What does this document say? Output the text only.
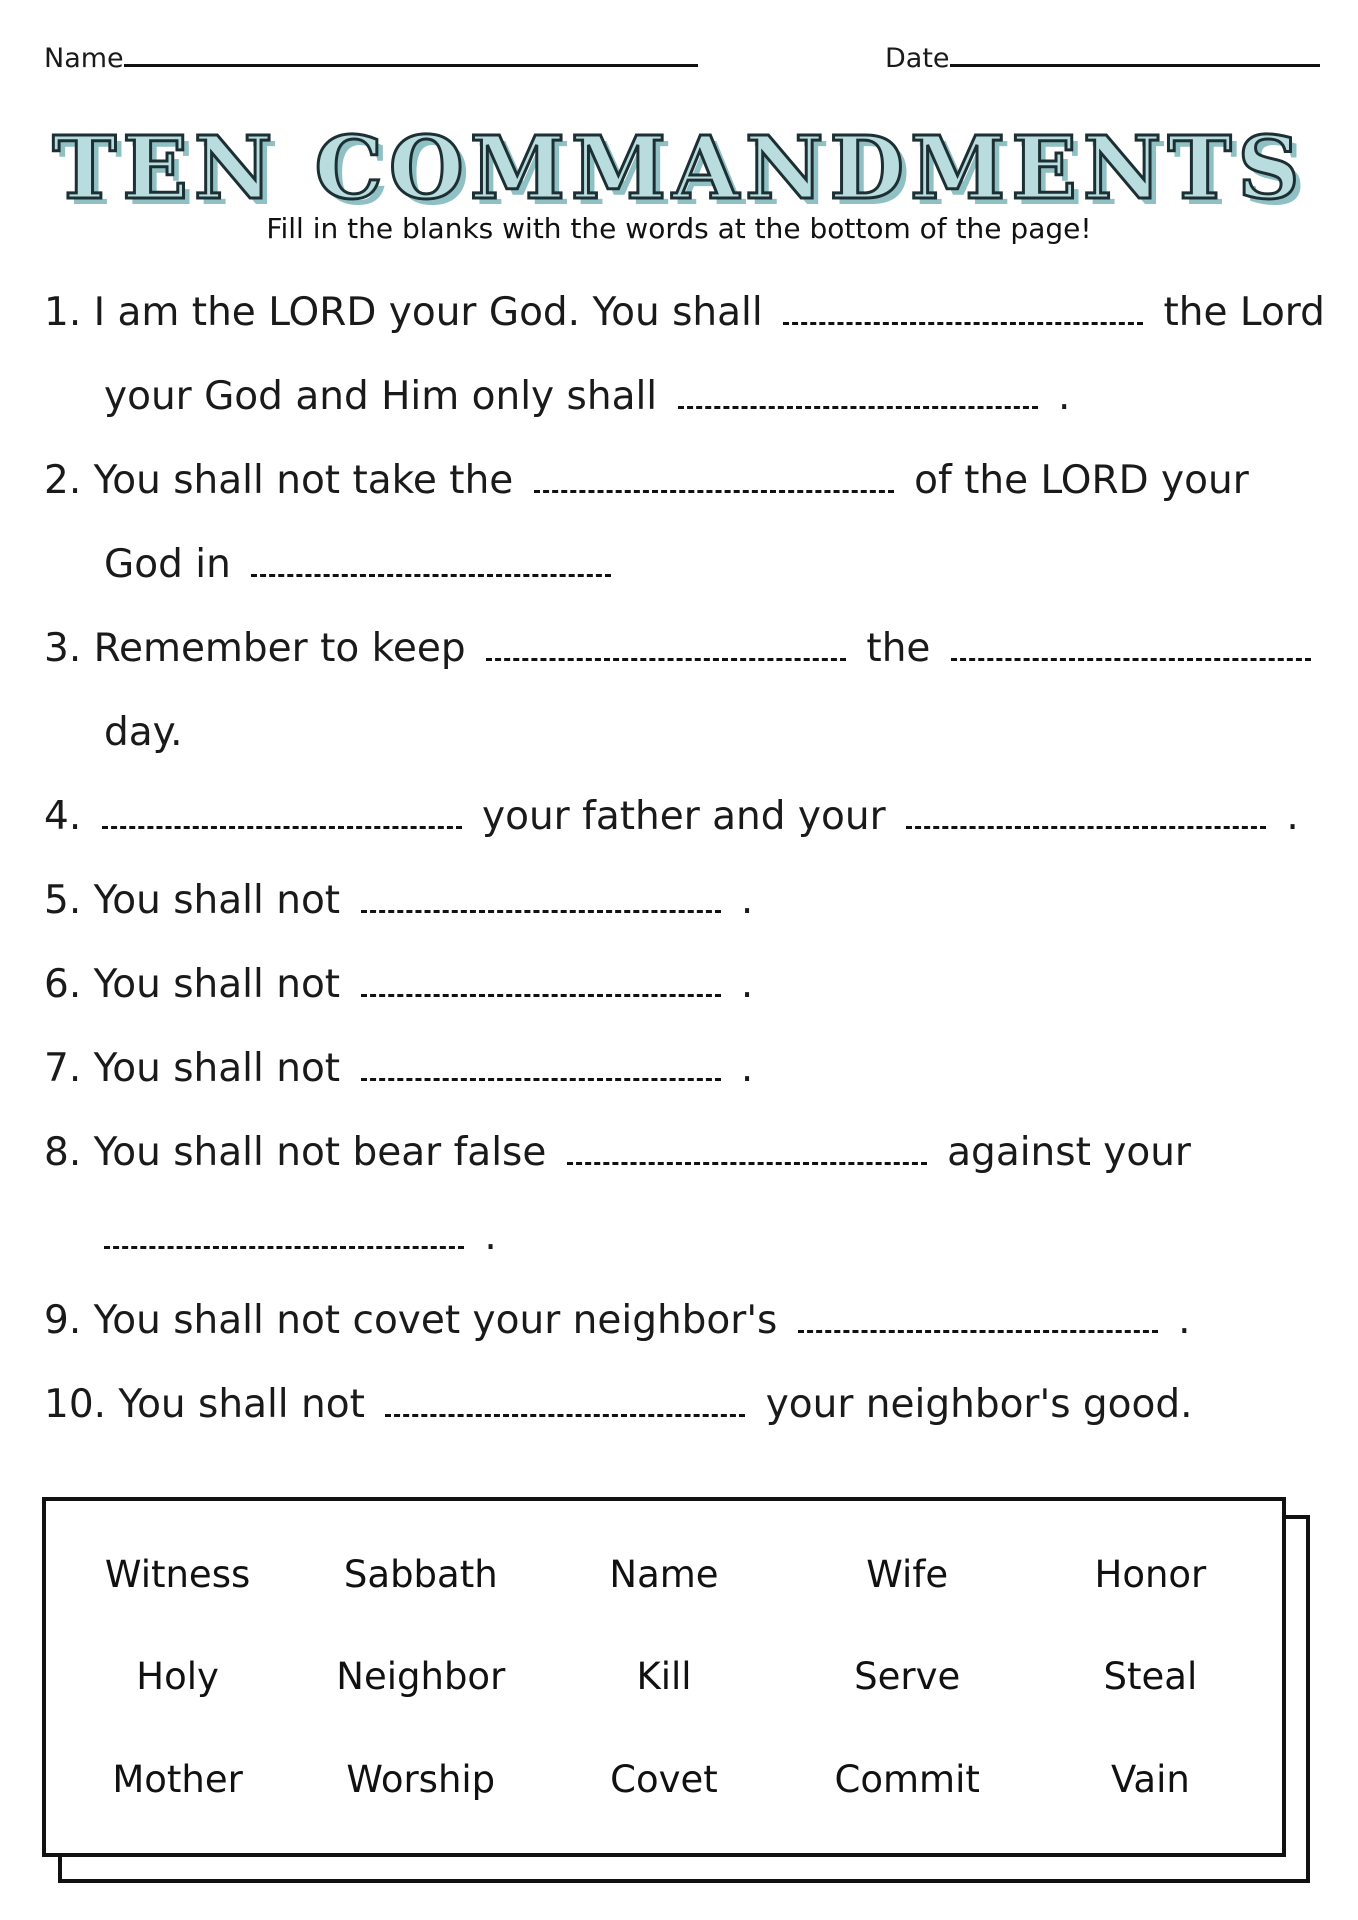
Name	Date
TEN COMMANDMENTS
Fill in the blanks with the words at the bottom of the page!
1. I am the LORD your God. You shall	the Lord
your God and Him only shall	.
2. You shall not take the	of the LORD your
God in
3. Remember to keep	the
day.
4.	your father and your	.
5. You shall not	.
6. You shall not	.
7. You shall not	.
8. You shall not bear false	against your
.
9. You shall not covet your neighbor's	.
10. You shall not	your neighbor's good.
Witness	Sabbath	Name	Wife	Honor
Holy	Neighbor	Kill	Serve	Steal
Mother	Worship	Covet	Commit	Vain
